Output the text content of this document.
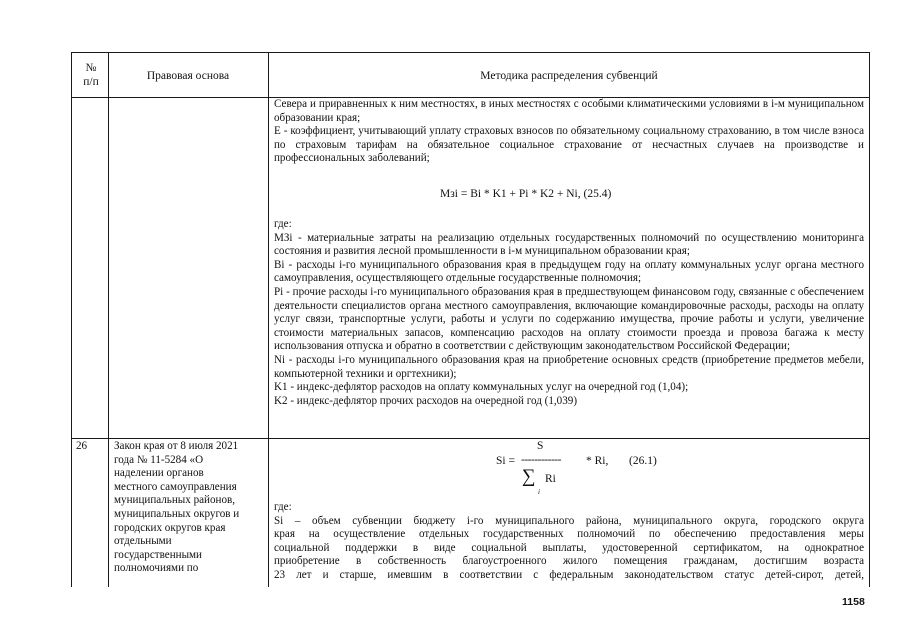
№ п/п	Правовая основа	Методика распределения субвенций

Севера и приравненных к ним местностях, в иных местностях с особыми климатическими условиями в i-м муниципальном образовании края;

E - коэффициент, учитывающий уплату страховых взносов по обязательному социальному страхованию, в том числе взноса по страховым тарифам на обязательное социальное страхование от несчастных случаев на производстве и профессиональных заболеваний;

Мзi = Bi * K1 + Pi * K2 + Ni, (25.4)

где:

МЗi - материальные затраты на реализацию отдельных государственных полномочий по осуществлению мониторинга состояния и развития лесной промышленности в i-м муниципальном образовании края;

Bi - расходы i-го муниципального образования края в предыдущем году на оплату коммунальных услуг органа местного самоуправления, осуществляющего отдельные государственные полномочия;

Pi - прочие расходы i-го муниципального образования края в предшествующем финансовом году, связанные с обеспечением деятельности специалистов органа местного самоуправления, включающие командировочные расходы, расходы на оплату услуг связи, транспортные услуги, работы и услуги по содержанию имущества, прочие работы и услуги, увеличение стоимости материальных запасов, компенсацию расходов на оплату стоимости проезда и провоза багажа к месту использования отпуска и обратно в соответствии с действующим законодательством Российской Федерации;

Ni - расходы i-го муниципального образования края на приобретение основных средств (приобретение предметов мебели, компьютерной техники и оргтехники);

K1 - индекс-дефлятор расходов на оплату коммунальных услуг на очередной год (1,04);

K2 - индекс-дефлятор прочих расходов на очередной год (1,039)

26 Закон края от 8 июля 2021

года № 11-5284 «О

наделении органов

местного самоуправления

муниципальных районов,

муниципальных округов и

городских округов края

отдельными

государственными

полномочиями по

S
Si = ------------ * Ri, (26.1)
∑ Ri
i

где:

Si – объем субвенции бюджету i-го муниципального района, муниципального округа, городского округа

края на осуществление отдельных государственных полномочий по обеспечению предоставления меры

социальной поддержки в виде социальной выплаты, удостоверенной сертификатом, на однократное

приобретение в собственность благоустроенного жилого помещения гражданам, достигшим возраста

23 лет и старше, имевшим в соответствии с федеральным законодательством статус детей-сирот, детей,

1158
